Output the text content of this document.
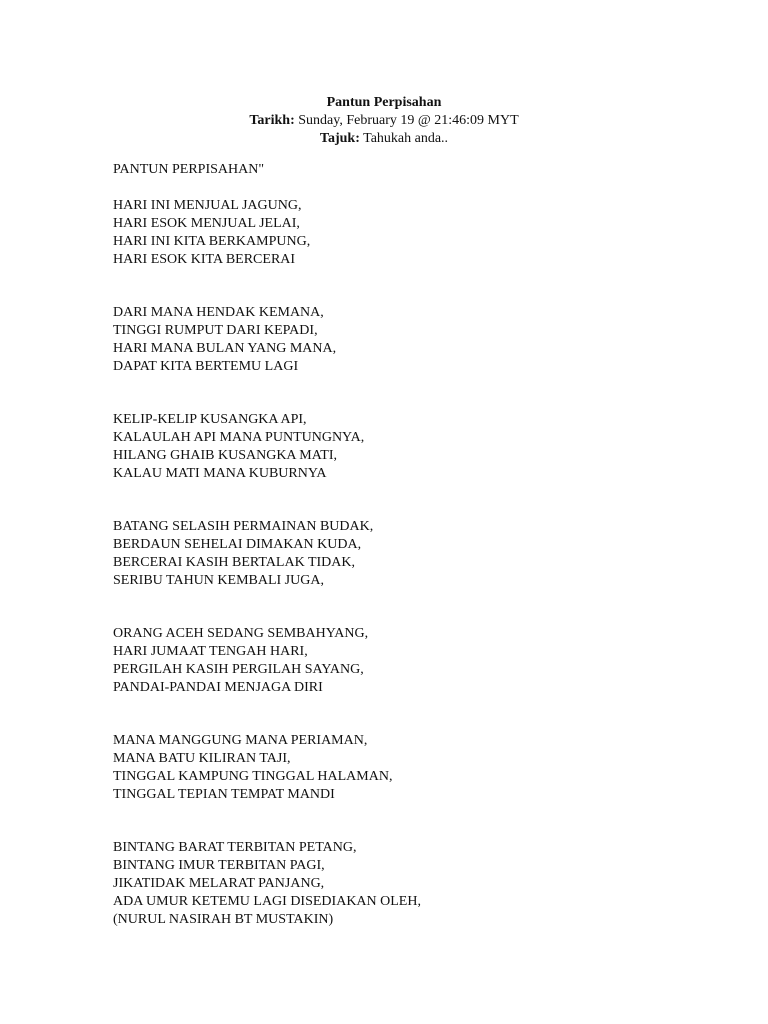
Pantun Perpisahan
Tarikh: Sunday, February 19 @ 21:46:09 MYT
Tajuk: Tahukah anda..
PANTUN PERPISAHAN"
HARI INI MENJUAL JAGUNG,
HARI ESOK MENJUAL JELAI,
HARI INI KITA BERKAMPUNG,
HARI ESOK KITA BERCERAI
DARI MANA HENDAK KEMANA,
TINGGI RUMPUT DARI KEPADI,
HARI MANA BULAN YANG MANA,
DAPAT KITA BERTEMU LAGI
KELIP-KELIP KUSANGKA API,
KALAULAH API MANA PUNTUNGNYA,
HILANG GHAIB KUSANGKA MATI,
KALAU MATI MANA KUBURNYA
BATANG SELASIH PERMAINAN BUDAK,
BERDAUN SEHELAI DIMAKAN KUDA,
BERCERAI KASIH BERTALAK TIDAK,
SERIBU TAHUN KEMBALI JUGA,
ORANG ACEH SEDANG SEMBAHYANG,
HARI JUMAAT TENGAH HARI,
PERGILAH KASIH PERGILAH SAYANG,
PANDAI-PANDAI MENJAGA DIRI
MANA MANGGUNG MANA PERIAMAN,
MANA BATU KILIRAN TAJI,
TINGGAL KAMPUNG TINGGAL HALAMAN,
TINGGAL TEPIAN TEMPAT MANDI
BINTANG BARAT TERBITAN PETANG,
BINTANG IMUR TERBITAN PAGI,
JIKATIDAK MELARAT PANJANG,
ADA UMUR KETEMU LAGI DISEDIAKAN OLEH,
(NURUL NASIRAH BT MUSTAKIN)
